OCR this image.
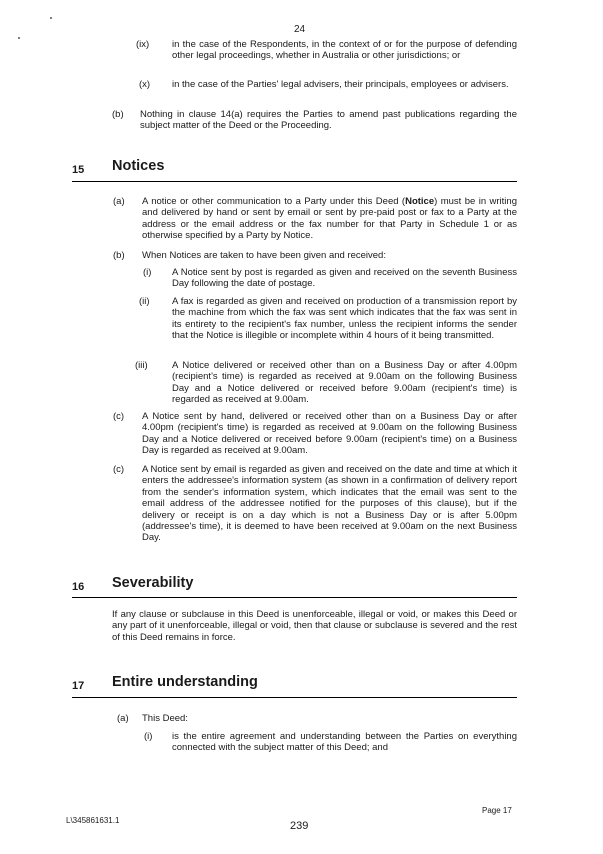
24
(ix) in the case of the Respondents, in the context of or for the purpose of defending other legal proceedings, whether in Australia or other jurisdictions; or

(x) in the case of the Parties' legal advisers, their principals, employees or advisers.

(b) Nothing in clause 14(a) requires the Parties to amend past publications regarding the subject matter of the Deed or the Proceeding.

15 Notices
(a) A notice or other communication to a Party under this Deed (Notice) must be in writing and delivered by hand or sent by email or sent by pre-paid post or fax to a Party at the address or the email address or the fax number for that Party in Schedule 1 or as otherwise specified by a Party by Notice.

(b) When Notices are taken to have been given and received:

(i) A Notice sent by post is regarded as given and received on the seventh Business Day following the date of postage.

(ii) A fax is regarded as given and received on production of a transmission report by the machine from which the fax was sent which indicates that the fax was sent in its entirety to the recipient's fax number, unless the recipient informs the sender that the Notice is illegible or incomplete within 4 hours of it being transmitted.

(iii)	A Notice delivered or received other than on a Business Day or after 4.00pm (recipient's time) is regarded as received at 9.00am on the following Business Day and a Notice delivered or received before 9.00am (recipient's time) is regarded as received at 9.00am.

(c) A Notice sent by hand, delivered or received other than on a Business Day or after 4.00pm (recipient's time) is regarded as received at 9.00am on the following Business Day and a Notice delivered or received before 9.00am (recipient's time) on a Business Day is regarded as received at 9.00am.

(c) A Notice sent by email is regarded as given and received on the date and time at which it enters the addressee's information system (as shown in a confirmation of delivery report from the sender's information system, which indicates that the email was sent to the email address of the addressee notified for the purposes of this clause), but if the delivery or receipt is on a day which is not a Business Day or is after 5.00pm (addressee's time), it is deemed to have been received at 9.00am on the next Business Day.

16 Severability

If any clause or subclause in this Deed is unenforceable, illegal or void, or makes this Deed or any part of it unenforceable, illegal or void, then that clause or subclause is severed and the rest of this Deed remains in force.

17 Entire understanding
(a) This Deed:

(i) is the entire agreement and understanding between the Parties on everything connected with the subject matter of this Deed; and

Page 17
L\345861631.1	239
